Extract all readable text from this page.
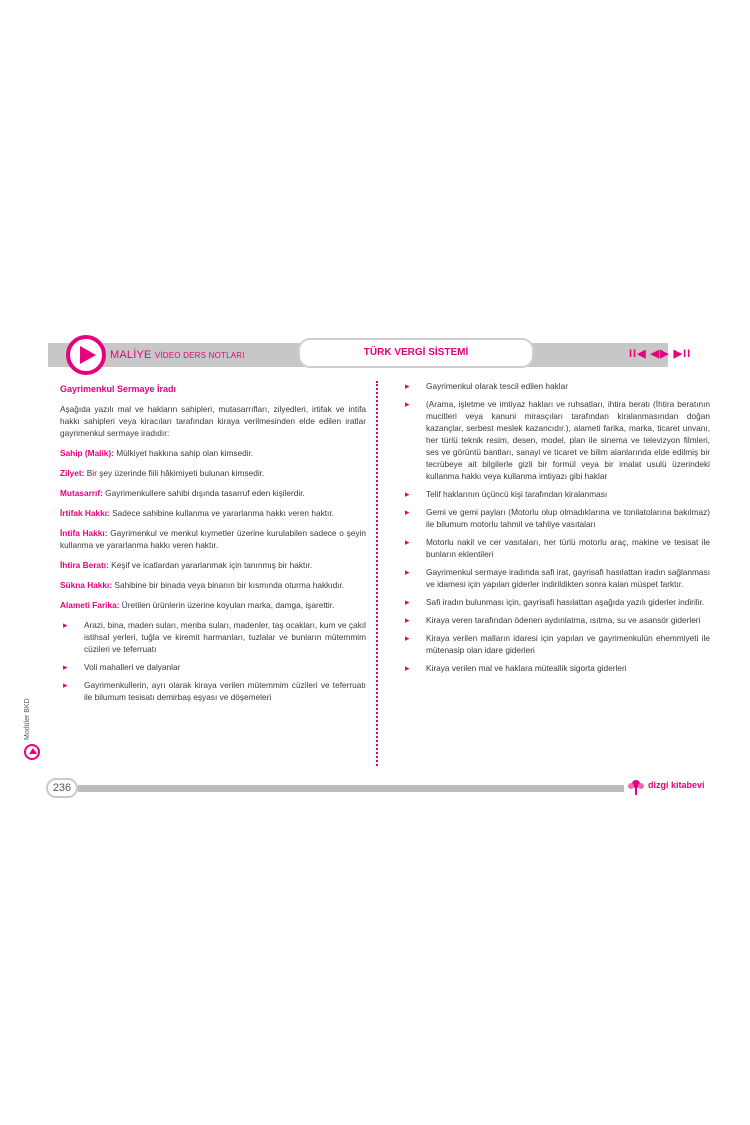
MALİYE VİDEO DERS NOTLARI	TÜRK VERGİ SİSTEMİ	II◀ ◀▶ ▶II
Modüler BKD
Gayrimenkul Sermaye İradı

Aşağıda yazılı mal ve hakların sahipleri, mutasarrıfları, zilyedleri, irtifak ve intifa hakkı sahipleri veya kiracıları tarafından kiraya verilmesinden elde edilen iratlar gayrimenkul sermaye iradıdır:

Sahip (Malik): Mülkiyet hakkına sahip olan kimsedir.

Zilyet: Bir şey üzerinde fiili hâkimiyeti bulunan kimsedir.

Mutasarrıf: Gayrimenkullere sahibi dışında tasarruf eden kişilerdir.

İrtifak Hakkı: Sadece sahibine kullanma ve yararlanma hakkı veren haktır.

İntifa Hakkı: Gayrimenkul ve menkul kıymetler üzerine kurulabilen sadece o şeyin kullanma ve yararlanma hakkı veren haktır.

İhtira Beratı: Keşif ve icatlardan yararlanmak için tanınmış bir haktır.

Sükna Hakkı: Sahibine bir binada veya binanın bir kısmında oturma hakkıdır.

Alameti Farika: Üretilen ürünlerin üzerine koyulan marka, damga, işarettir.

▸ Arazi, bina, maden suları, menba suları, madenler, taş ocakları, kum ve çakıl istihsal yerleri, tuğla ve kiremit harmanları, tuzlalar ve bunların mütemmim cüzileri ve teferruatı
▸ Voli mahalleri ve dalyanlar
▸ Gayrimenkullerin, ayrı olarak kiraya verilen mütemmim cüzileri ve teferruatı ile bilumum tesisatı demirbaş eşyası ve döşemeleri
▸ Gayrimenkul olarak tescil edilen haklar
▸ (Arama, işletme ve imtiyaz hakları ve ruhsatları, ihtira beratı (İhtira beratının mucitleri veya kanuni mirasçıları tarafından kiralanmasından doğan kazançlar, serbest meslek kazancıdır.), alameti farika, marka, ticaret unvanı, her türlü teknik resim, desen, model, plan ile sinema ve televizyon filmleri, ses ve görüntü bantları, sanayi ve ticaret ve bilim alanlarında elde edilmiş bir tecrübeye ait bilgilerle gizli bir formül veya bir imalat usulü üzerindeki kullanma hakkı veya kullanma imtiyazı gibi haklar
▸ Telif haklarının üçüncü kişi tarafından kiralanması
▸ Gemi ve gemi payları (Motorlu olup olmadıklarına ve tonilatolarına bakılmaz) ile bilumum motorlu tahmil ve tahliye vasıtaları
▸ Motorlu nakil ve cer vasıtaları, her türlü motorlu araç, makine ve tesisat ile bunların eklentileri
▸ Gayrimenkul sermaye iradında safi irat, gayrisafi hasılattan iradın sağlanması ve idamesi için yapılan giderler indirildikten sonra kalan müspet farktır.
▸ Safi iradın bulunması için, gayrisafi hasılattan aşağıda yazılı giderler indirilir.
▸ Kiraya veren tarafından ödenen aydınlatma, ısıtma, su ve asansör giderleri
▸ Kiraya verilen malların idaresi için yapılan ve gayrimenkulün ehemmiyeti ile mütenasip olan idare giderleri
▸ Kiraya verilen mal ve haklara müteallik sigorta giderleri
236	dizgi kitabevi
